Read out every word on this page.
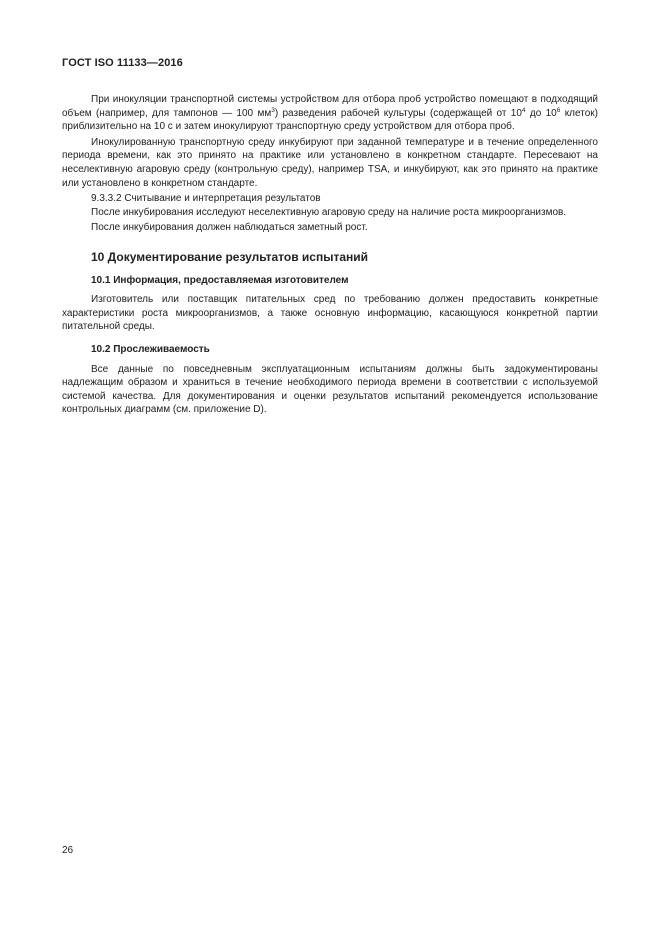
ГОСТ ISO 11133—2016

При инокуляции транспортной системы устройством для отбора проб устройство помещают в подходящий объем (например, для тампонов — 100 $мм^3$) разведения рабочей культуры (содержащей от $10^4$ до $10^6$ клеток) приблизительно на 10 с и затем инокулируют транспортную среду устройством для отбора проб.

Инокулированную транспортную среду инкубируют при заданной температуре и в течение определенного периода времени, как это принято на практике или установлено в конкретном стандарте. Пересевают на неселективную агаровую среду (контрольную среду), например TSA, и инкубируют, как это принято на практике или установлено в конкретном стандарте.

9.3.3.2 Считывание и интерпретация результатов

После инкубирования исследуют неселективную агаровую среду на наличие роста микроорганизмов.

После инкубирования должен наблюдаться заметный рост.

10 Документирование результатов испытаний
10.1 Информация, предоставляемая изготовителем

Изготовитель или поставщик питательных сред по требованию должен предоставить конкретные характеристики роста микроорганизмов, а также основную информацию, касающуюся конкретной партии питательной среды.

10.2 Прослеживаемость

Все данные по повседневным эксплуатационным испытаниям должны быть задокументированы надлежащим образом и храниться в течение необходимого периода времени в соответствии с используемой системой качества. Для документирования и оценки результатов испытаний рекомендуется использование контрольных диаграмм (см. приложение D).

26
